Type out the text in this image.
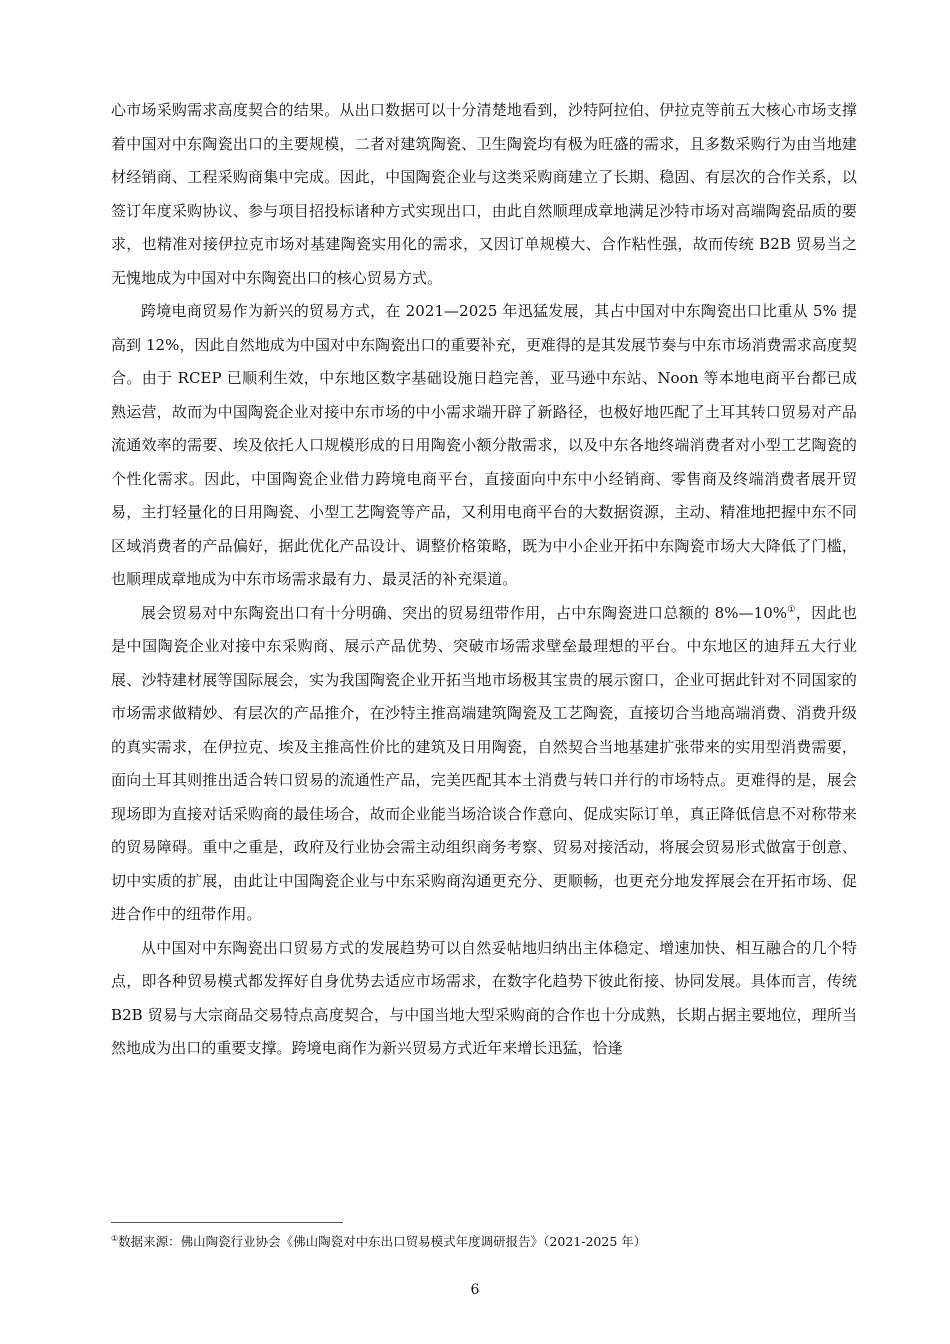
心市场采购需求高度契合的结果。从出口数据可以十分清楚地看到，沙特阿拉伯、伊拉克等前五大核心市场支撑着中国对中东陶瓷出口的主要规模，二者对建筑陶瓷、卫生陶瓷均有极为旺盛的需求，且多数采购行为由当地建材经销商、工程采购商集中完成。因此，中国陶瓷企业与这类采购商建立了长期、稳固、有层次的合作关系，以签订年度采购协议、参与项目招投标诸种方式实现出口，由此自然顺理成章地满足沙特市场对高端陶瓷品质的要求，也精准对接伊拉克市场对基建陶瓷实用化的需求，又因订单规模大、合作粘性强，故而传统 B2B 贸易当之无愧地成为中国对中东陶瓷出口的核心贸易方式。

跨境电商贸易作为新兴的贸易方式，在 2021—2025 年迅猛发展，其占中国对中东陶瓷出口比重从 5% 提高到 12%，因此自然地成为中国对中东陶瓷出口的重要补充，更难得的是其发展节奏与中东市场消费需求高度契合。由于 RCEP 已顺利生效，中东地区数字基础设施日趋完善，亚马逊中东站、Noon 等本地电商平台都已成熟运营，故而为中国陶瓷企业对接中东市场的中小需求端开辟了新路径，也极好地匹配了土耳其转口贸易对产品流通效率的需要、埃及依托人口规模形成的日用陶瓷小额分散需求，以及中东各地终端消费者对小型工艺陶瓷的个性化需求。因此，中国陶瓷企业借力跨境电商平台，直接面向中东中小经销商、零售商及终端消费者展开贸易，主打轻量化的日用陶瓷、小型工艺陶瓷等产品，又利用电商平台的大数据资源，主动、精准地把握中东不同区域消费者的产品偏好，据此优化产品设计、调整价格策略，既为中小企业开拓中东陶瓷市场大大降低了门槛，也顺理成章地成为中东市场需求最有力、最灵活的补充渠道。

展会贸易对中东陶瓷出口有十分明确、突出的贸易纽带作用，占中东陶瓷进口总额的 8%—10%①，因此也是中国陶瓷企业对接中东采购商、展示产品优势、突破市场需求壁垒最理想的平台。中东地区的迪拜五大行业展、沙特建材展等国际展会，实为我国陶瓷企业开拓当地市场极其宝贵的展示窗口，企业可据此针对不同国家的市场需求做精妙、有层次的产品推介，在沙特主推高端建筑陶瓷及工艺陶瓷，直接切合当地高端消费、消费升级的真实需求，在伊拉克、埃及主推高性价比的建筑及日用陶瓷，自然契合当地基建扩张带来的实用型消费需要，面向土耳其则推出适合转口贸易的流通性产品，完美匹配其本土消费与转口并行的市场特点。更难得的是，展会现场即为直接对话采购商的最佳场合，故而企业能当场洽谈合作意向、促成实际订单，真正降低信息不对称带来的贸易障碍。重中之重是，政府及行业协会需主动组织商务考察、贸易对接活动，将展会贸易形式做富于创意、切中实质的扩展，由此让中国陶瓷企业与中东采购商沟通更充分、更顺畅，也更充分地发挥展会在开拓市场、促进合作中的纽带作用。

从中国对中东陶瓷出口贸易方式的发展趋势可以自然妥帖地归纳出主体稳定、增速加快、相互融合的几个特点，即各种贸易模式都发挥好自身优势去适应市场需求，在数字化趋势下彼此衔接、协同发展。具体而言，传统 B2B 贸易与大宗商品交易特点高度契合，与中国当地大型采购商的合作也十分成熟，长期占据主要地位，理所当然地成为出口的重要支撑。跨境电商作为新兴贸易方式近年来增长迅猛，恰逢

①数据来源：佛山陶瓷行业协会《佛山陶瓷对中东出口贸易模式年度调研报告》（2021-2025 年）
6
